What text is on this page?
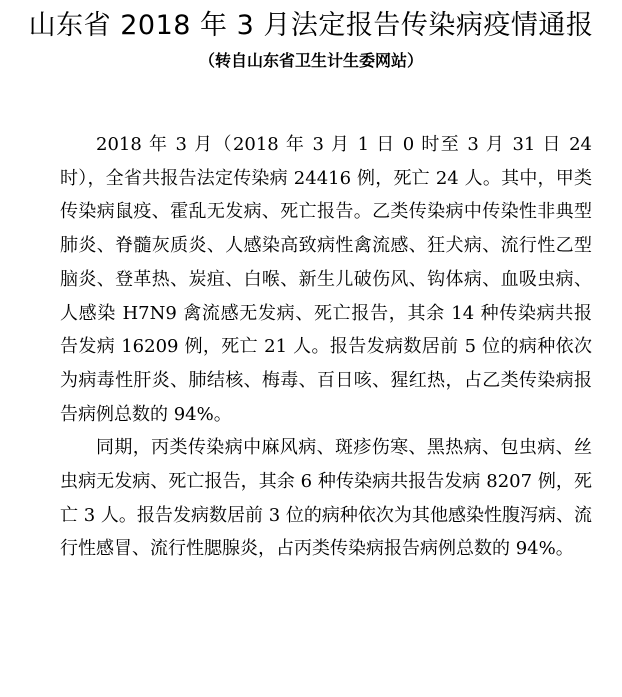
山东省 2018 年 3 月法定报告传染病疫情通报
（转自山东省卫生计生委网站）

2018 年 3 月（2018 年 3 月 1 日 0 时至 3 月 31 日 24 时），全省共报告法定传染病 24416 例，死亡 24 人。其中，甲类传染病鼠疫、霍乱无发病、死亡报告。乙类传染病中传染性非典型肺炎、脊髓灰质炎、人感染高致病性禽流感、狂犬病、流行性乙型脑炎、登革热、炭疽、白喉、新生儿破伤风、钩体病、血吸虫病、人感染 H7N9 禽流感无发病、死亡报告，其余 14 种传染病共报告发病 16209 例，死亡 21 人。报告发病数居前 5 位的病种依次为病毒性肝炎、肺结核、梅毒、百日咳、猩红热，占乙类传染病报告病例总数的 94%。

同期，丙类传染病中麻风病、斑疹伤寒、黑热病、包虫病、丝虫病无发病、死亡报告，其余 6 种传染病共报告发病 8207 例，死亡 3 人。报告发病数居前 3 位的病种依次为其他感染性腹泻病、流行性感冒、流行性腮腺炎，占丙类传染病报告病例总数的 94%。
